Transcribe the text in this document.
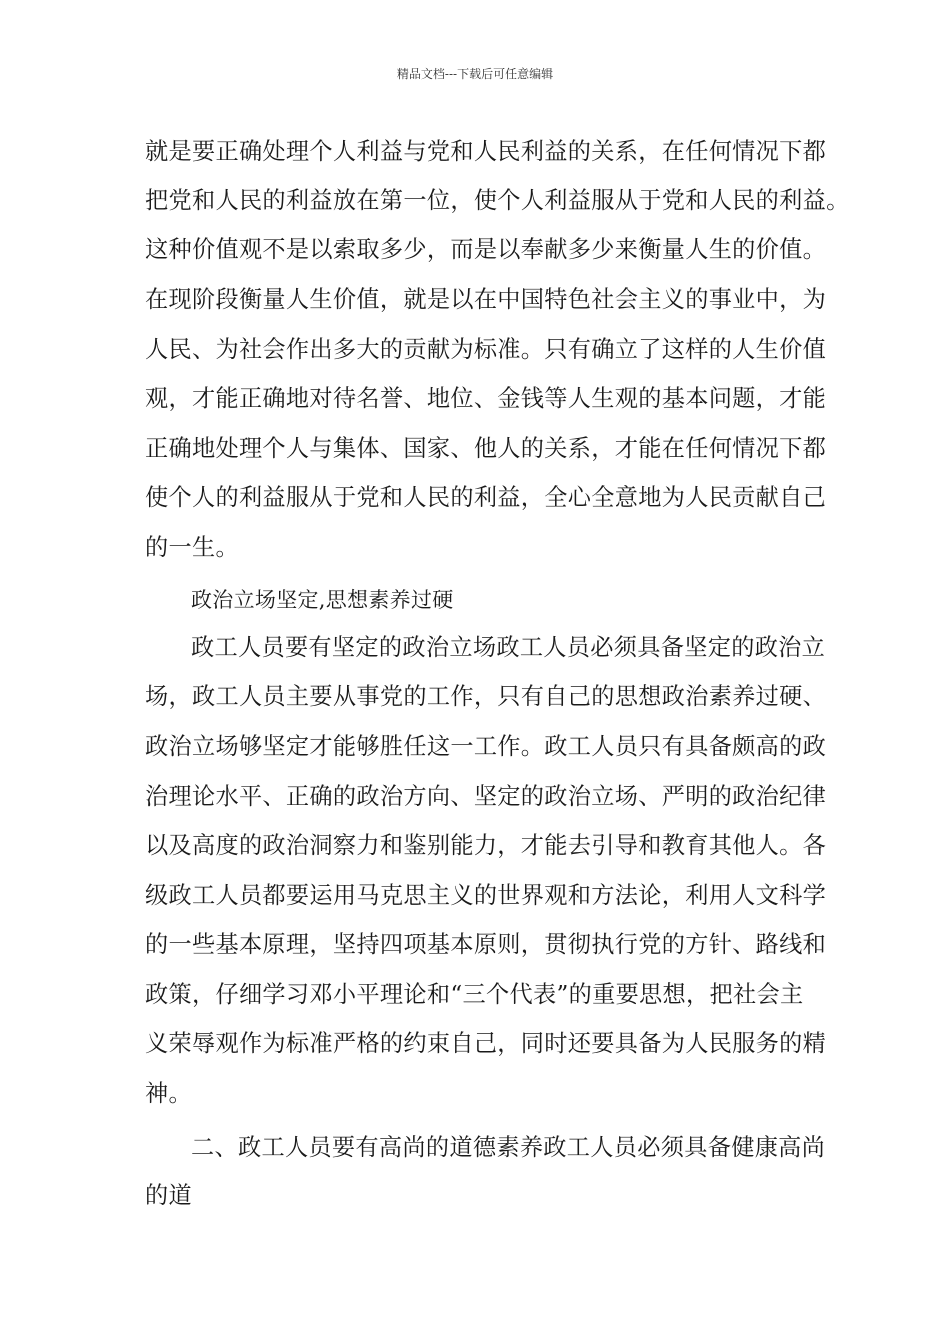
精品文档---下载后可任意编辑
就是要正确处理个人利益与党和人民利益的关系，在任何情况下都
把党和人民的利益放在第一位，使个人利益服从于党和人民的利益。
这种价值观不是以索取多少，而是以奉献多少来衡量人生的价值。
在现阶段衡量人生价值，就是以在中国特色社会主义的事业中，为
人民、为社会作出多大的贡献为标准。只有确立了这样的人生价值
观，才能正确地对待名誉、地位、金钱等人生观的基本问题，才能
正确地处理个人与集体、国家、他人的关系，才能在任何情况下都
使个人的利益服从于党和人民的利益，全心全意地为人民贡献自己
的一生。
政治立场坚定,思想素养过硬
政工人员要有坚定的政治立场政工人员必须具备坚定的政治立
场，政工人员主要从事党的工作，只有自己的思想政治素养过硬、
政治立场够坚定才能够胜任这一工作。政工人员只有具备颇高的政
治理论水平、正确的政治方向、坚定的政治立场、严明的政治纪律
以及高度的政治洞察力和鉴别能力，才能去引导和教育其他人。各
级政工人员都要运用马克思主义的世界观和方法论，利用人文科学
的一些基本原理，坚持四项基本原则，贯彻执行党的方针、路线和
政策，仔细学习邓小平理论和“三个代表”的重要思想，把社会主
义荣辱观作为标准严格的约束自己，同时还要具备为人民服务的精
神。
二、政工人员要有高尚的道德素养政工人员必须具备健康高尚
的道
